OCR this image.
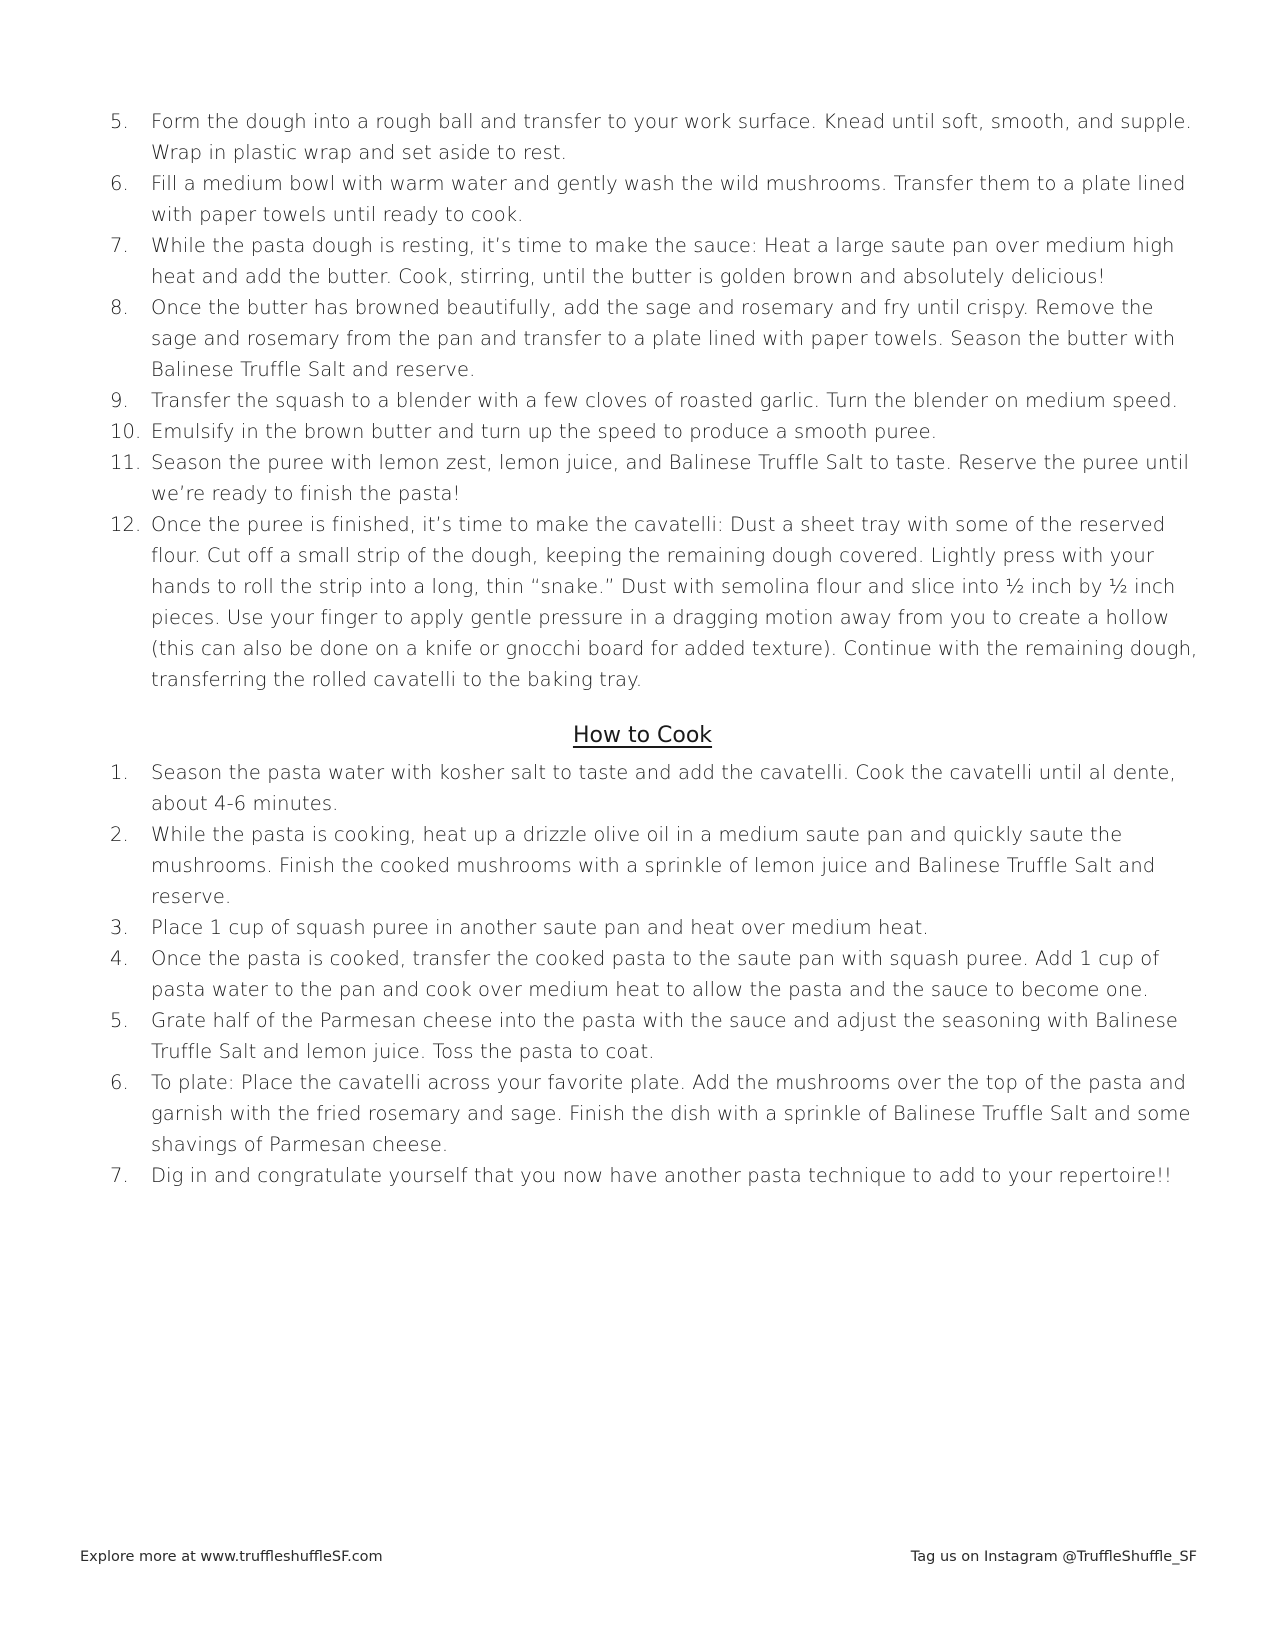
5.	Form the dough into a rough ball and transfer to your work surface. Knead until soft, smooth, and supple. Wrap in plastic wrap and set aside to rest.
6.	Fill a medium bowl with warm water and gently wash the wild mushrooms. Transfer them to a plate lined with paper towels until ready to cook.
7.	While the pasta dough is resting, it’s time to make the sauce: Heat a large saute pan over medium high heat and add the butter. Cook, stirring, until the butter is golden brown and absolutely delicious!
8.	Once the butter has browned beautifully, add the sage and rosemary and fry until crispy. Remove the sage and rosemary from the pan and transfer to a plate lined with paper towels. Season the butter with Balinese Truffle Salt and reserve.
9.	Transfer the squash to a blender with a few cloves of roasted garlic. Turn the blender on medium speed.
10. Emulsify in the brown butter and turn up the speed to produce a smooth puree.
11. Season the puree with lemon zest, lemon juice, and Balinese Truffle Salt to taste. Reserve the puree until we’re ready to finish the pasta!
12. Once the puree is finished, it’s time to make the cavatelli: Dust a sheet tray with some of the reserved flour. Cut off a small strip of the dough, keeping the remaining dough covered. Lightly press with your hands to roll the strip into a long, thin “snake.” Dust with semolina flour and slice into ½ inch by ½ inch pieces. Use your finger to apply gentle pressure in a dragging motion away from you to create a hollow (this can also be done on a knife or gnocchi board for added texture). Continue with the remaining dough, transferring the rolled cavatelli to the baking tray.
How to Cook
1.	Season the pasta water with kosher salt to taste and add the cavatelli. Cook the cavatelli until al dente, about 4-6 minutes.
2.	While the pasta is cooking, heat up a drizzle olive oil in a medium saute pan and quickly saute the mushrooms. Finish the cooked mushrooms with a sprinkle of lemon juice and Balinese Truffle Salt and reserve.
3.	Place 1 cup of squash puree in another saute pan and heat over medium heat.
4.	Once the pasta is cooked, transfer the cooked pasta to the saute pan with squash puree. Add 1 cup of pasta water to the pan and cook over medium heat to allow the pasta and the sauce to become one.
5.	Grate half of the Parmesan cheese into the pasta with the sauce and adjust the seasoning with Balinese Truffle Salt and lemon juice. Toss the pasta to coat.
6.	To plate: Place the cavatelli across your favorite plate. Add the mushrooms over the top of the pasta and garnish with the fried rosemary and sage. Finish the dish with a sprinkle of Balinese Truffle Salt and some shavings of Parmesan cheese.
7.	Dig in and congratulate yourself that you now have another pasta technique to add to your repertoire!!
Explore more at www.truffleshuffleSF.com	Tag us on Instagram @TruffleShuffle_SF
